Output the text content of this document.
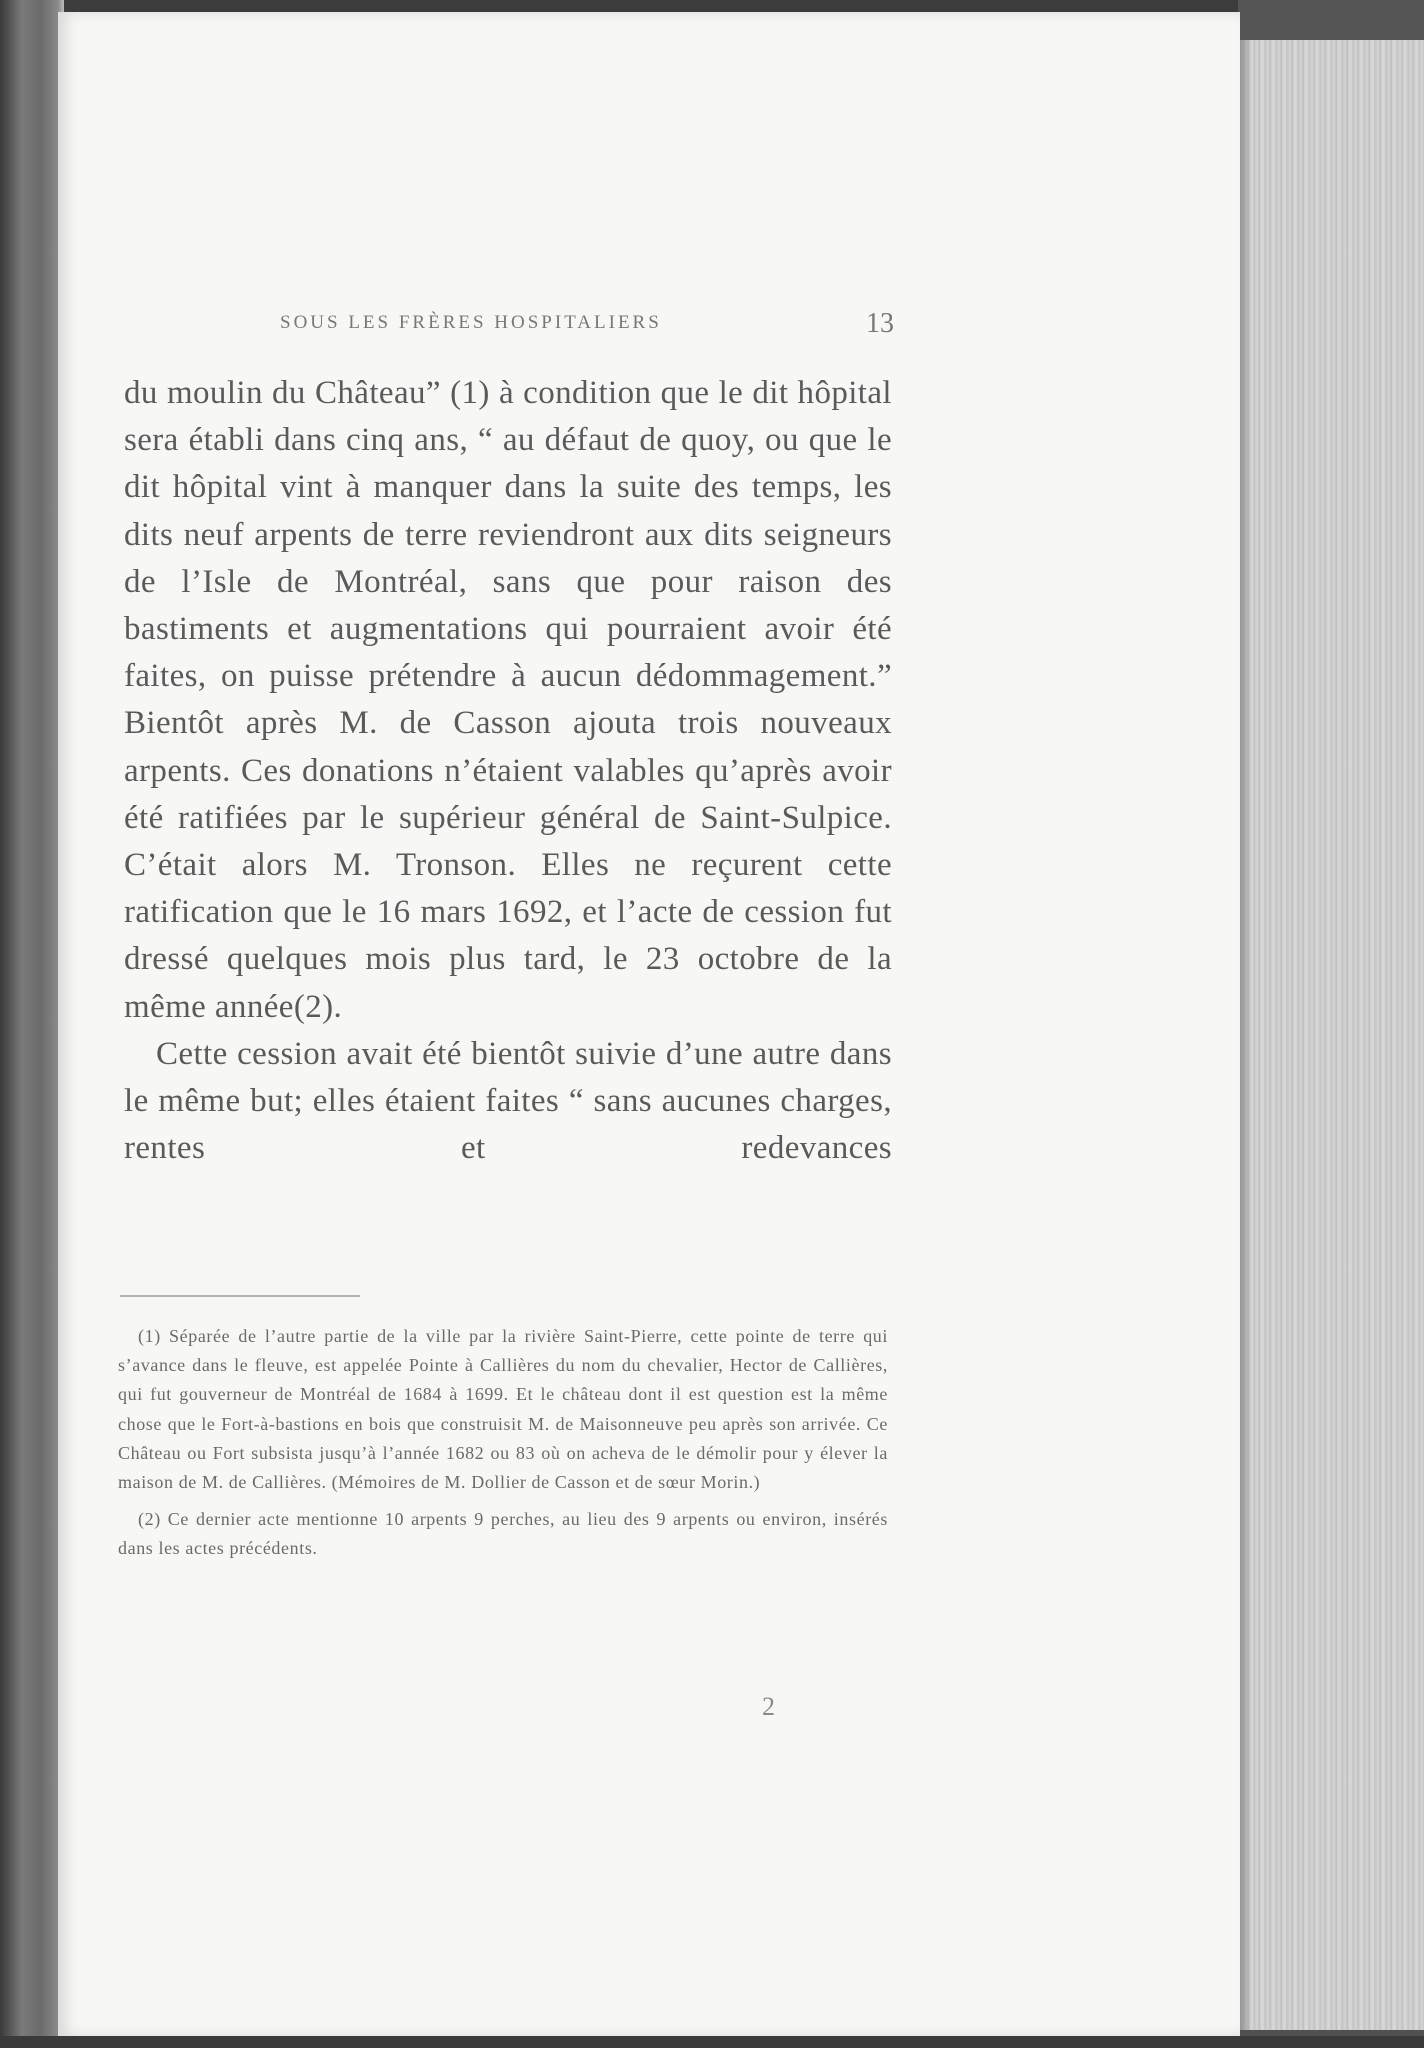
SOUS LES FRÈRES HOSPITALIERS	13

du moulin du Château” (1) à condition que le dit hôpital sera établi dans cinq ans, “ au défaut de quoy, ou que le dit hôpital vint à manquer dans la suite des temps, les dits neuf arpents de terre reviendront aux dits seigneurs de l’Isle de Montréal, sans que pour raison des bastiments et augmentations qui pourraient avoir été faites, on puisse prétendre à aucun dédommagement.” Bientôt après M. de Casson ajouta trois nouveaux arpents. Ces donations n’étaient valables qu’après avoir été ratifiées par le supérieur général de Saint-Sulpice. C’était alors M. Tronson. Elles ne reçurent cette ratification que le 16 mars 1692, et l’acte de cession fut dressé quelques mois plus tard, le 23 octobre de la même année(2).

Cette cession avait été bientôt suivie d’une autre dans le même but; elles étaient faites “ sans aucunes charges, rentes et redevances

(1) Séparée de l’autre partie de la ville par la rivière Saint-Pierre, cette pointe de terre qui s’avance dans le fleuve, est appelée Pointe à Callières du nom du chevalier, Hector de Callières, qui fut gouverneur de Montréal de 1684 à 1699. Et le château dont il est question est la même chose que le Fort-à-bastions en bois que construisit M. de Maisonneuve peu après son arrivée. Ce Château ou Fort subsista jusqu’à l’année 1682 ou 83 où on acheva de le démolir pour y élever la maison de M. de Callières. (Mémoires de M. Dollier de Casson et de sœur Morin.)

(2) Ce dernier acte mentionne 10 arpents 9 perches, au lieu des 9 arpents ou environ, insérés dans les actes précédents.

2
